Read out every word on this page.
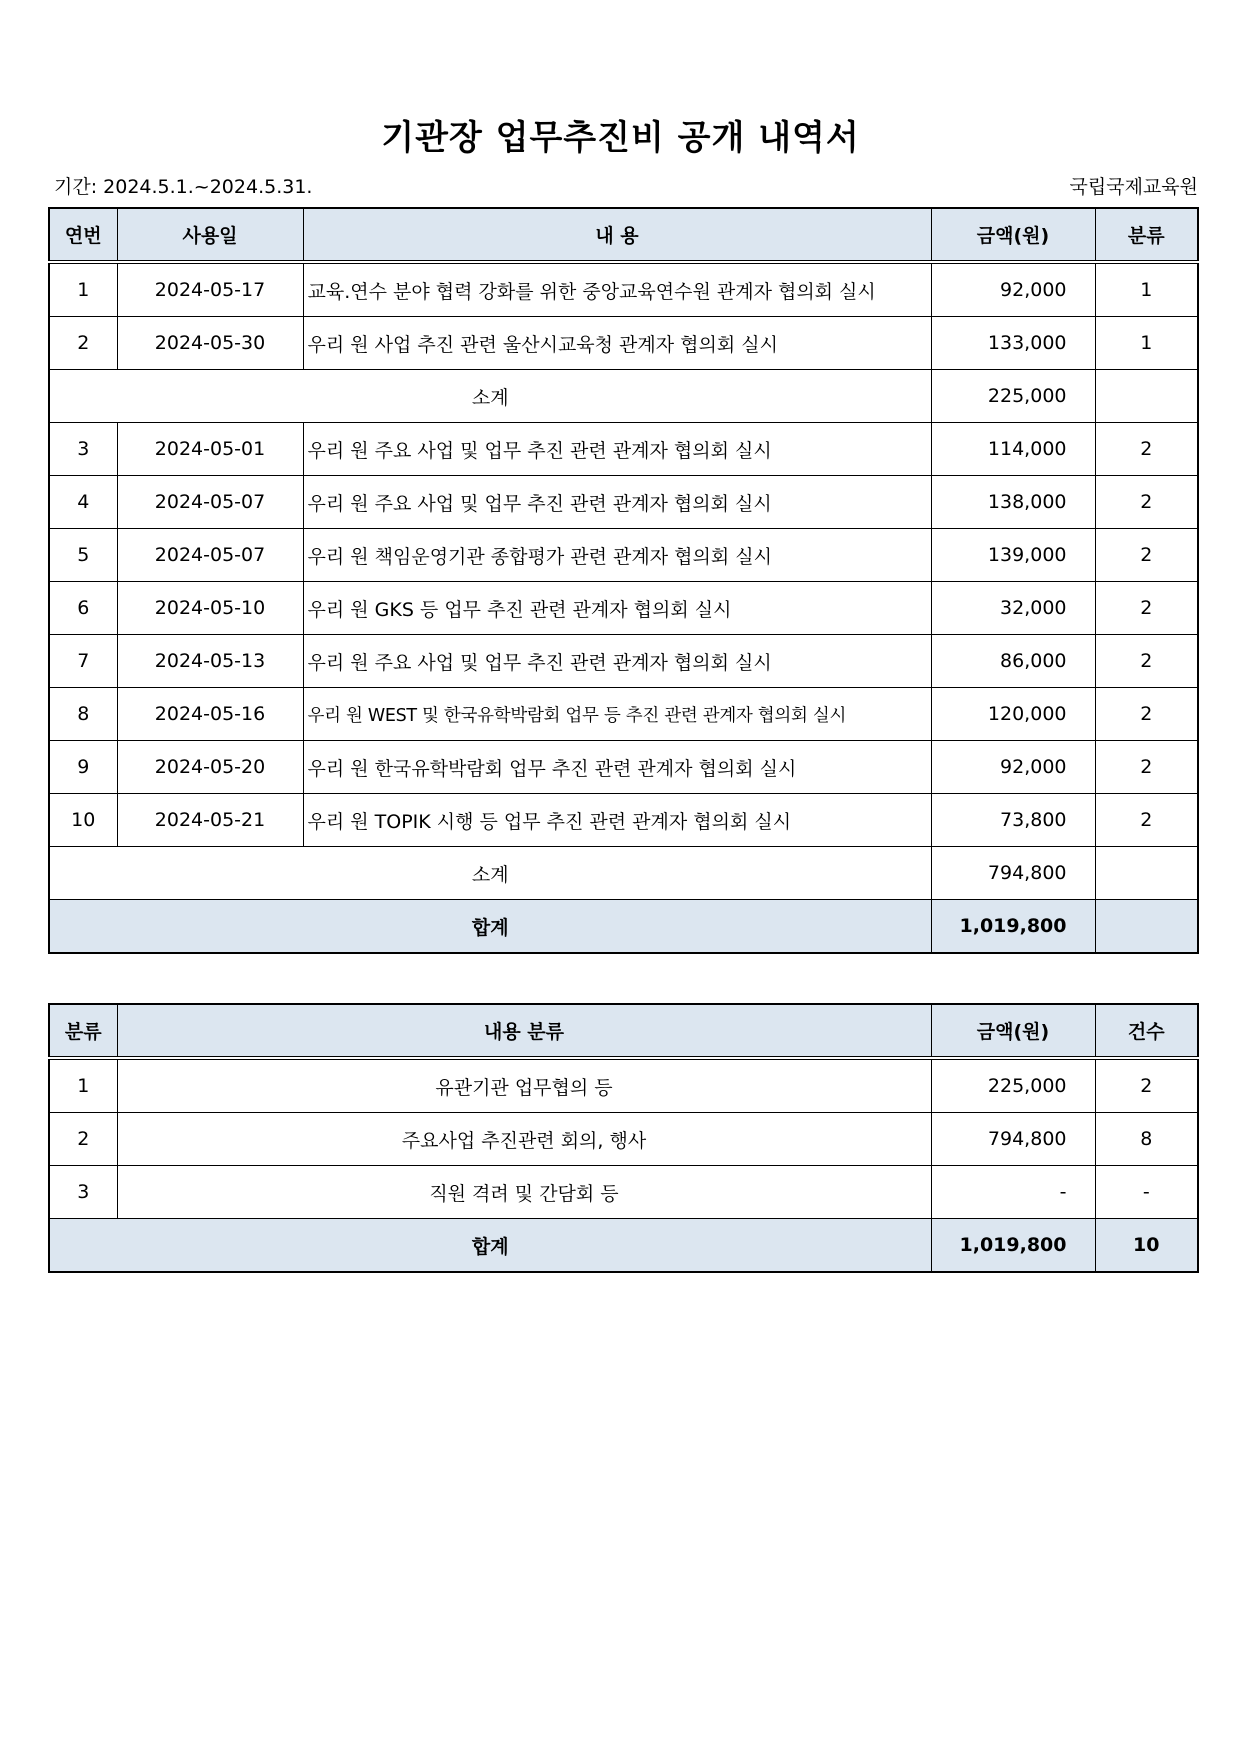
기관장 업무추진비 공개 내역서
기간: 2024.5.1.~2024.5.31.	국립국제교육원
연번	사용일	내 용	금액(원)	분류
1	2024-05-17	교육.연수 분야 협력 강화를 위한 중앙교육연수원 관계자 협의회 실시	92,000	1
2	2024-05-30	우리 원 사업 추진 관련 울산시교육청 관계자 협의회 실시	133,000	1
소계			225,000	
3	2024-05-01	우리 원 주요 사업 및 업무 추진 관련 관계자 협의회 실시	114,000	2
4	2024-05-07	우리 원 주요 사업 및 업무 추진 관련 관계자 협의회 실시	138,000	2
5	2024-05-07	우리 원 책임운영기관 종합평가 관련 관계자 협의회 실시	139,000	2
6	2024-05-10	우리 원 GKS 등 업무 추진 관련 관계자 협의회 실시	32,000	2
7	2024-05-13	우리 원 주요 사업 및 업무 추진 관련 관계자 협의회 실시	86,000	2
8	2024-05-16	우리 원 WEST 및 한국유학박람회 업무 등 추진 관련 관계자 협의회 실시	120,000	2
9	2024-05-20	우리 원 한국유학박람회 업무 추진 관련 관계자 협의회 실시	92,000	2
10	2024-05-21	우리 원 TOPIK 시행 등 업무 추진 관련 관계자 협의회 실시	73,800	2
소계			794,800	
합계			1,019,800	
분류	내용 분류	금액(원)	건수
1	유관기관 업무협의 등	225,000	2
2	주요사업 추진관련 회의, 행사	794,800	8
3	직원 격려 및 간담회 등	-	-
합계		1,019,800	10
